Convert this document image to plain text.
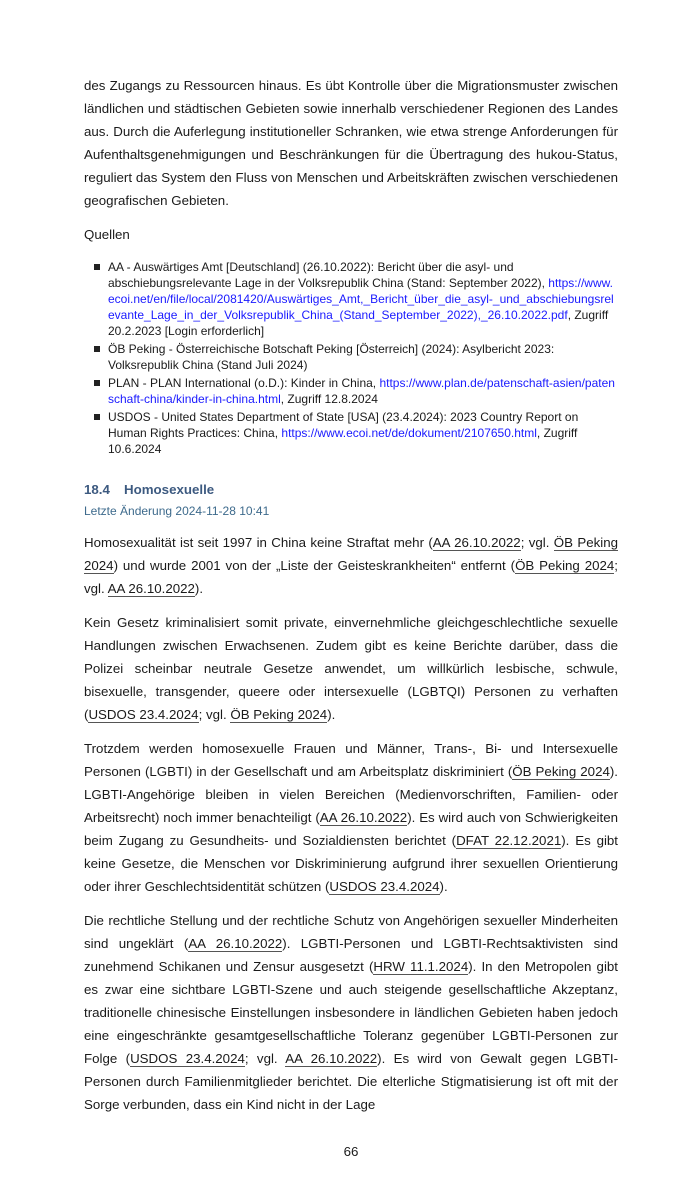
des Zugangs zu Ressourcen hinaus. Es übt Kontrolle über die Migrationsmuster zwischen ländlichen und städtischen Gebieten sowie innerhalb verschiedener Regionen des Landes aus. Durch die Auferlegung institutioneller Schranken, wie etwa strenge Anforderungen für Aufenthaltsgenehmigungen und Beschränkungen für die Übertragung des hukou-Status, reguliert das System den Fluss von Menschen und Arbeitskräften zwischen verschiedenen geografischen Gebieten.

Quellen
AA - Auswärtiges Amt [Deutschland] (26.10.2022): Bericht über die asyl- und abschiebungsrelevante Lage in der Volksrepublik China (Stand: September 2022), https://www.ecoi.net/en/file/local/2081420/Auswärtiges_Amt,_Bericht_über_die_asyl-_und_abschiebungsrelevante_Lage_in_der_Volksrepublik_China_(Stand_September_2022),_26.10.2022.pdf, Zugriff 20.2.2023 [Login erforderlich]
ÖB Peking - Österreichische Botschaft Peking [Österreich] (2024): Asylbericht 2023: Volksrepublik China (Stand Juli 2024)
PLAN - PLAN International (o.D.): Kinder in China, https://www.plan.de/patenschaft-asien/patenschaft-china/kinder-in-china.html, Zugriff 12.8.2024
USDOS - United States Department of State [USA] (23.4.2024): 2023 Country Report on Human Rights Practices: China, https://www.ecoi.net/de/dokument/2107650.html, Zugriff 10.6.2024
18.4 Homosexuelle
Letzte Änderung 2024-11-28 10:41

Homosexualität ist seit 1997 in China keine Straftat mehr (AA 26.10.2022; vgl. ÖB Peking 2024) und wurde 2001 von der „Liste der Geisteskrankheiten“ entfernt (ÖB Peking 2024; vgl. AA 26.10.2022).

Kein Gesetz kriminalisiert somit private, einvernehmliche gleichgeschlechtliche sexuelle Handlungen zwischen Erwachsenen. Zudem gibt es keine Berichte darüber, dass die Polizei scheinbar neutrale Gesetze anwendet, um willkürlich lesbische, schwule, bisexuelle, transgender, queere oder intersexuelle (LGBTQI) Personen zu verhaften (USDOS 23.4.2024; vgl. ÖB Peking 2024).

Trotzdem werden homosexuelle Frauen und Männer, Trans-, Bi- und Intersexuelle Personen (LGBTI) in der Gesellschaft und am Arbeitsplatz diskriminiert (ÖB Peking 2024). LGBTI-Angehörige bleiben in vielen Bereichen (Medienvorschriften, Familien- oder Arbeitsrecht) noch immer benachteiligt (AA 26.10.2022). Es wird auch von Schwierigkeiten beim Zugang zu Gesundheits- und Sozialdiensten berichtet (DFAT 22.12.2021). Es gibt keine Gesetze, die Menschen vor Diskriminierung aufgrund ihrer sexuellen Orientierung oder ihrer Geschlechtsidentität schützen (USDOS 23.4.2024).

Die rechtliche Stellung und der rechtliche Schutz von Angehörigen sexueller Minderheiten sind ungeklärt (AA 26.10.2022). LGBTI-Personen und LGBTI-Rechtsaktivisten sind zunehmend Schikanen und Zensur ausgesetzt (HRW 11.1.2024). In den Metropolen gibt es zwar eine sichtbare LGBTI-Szene und auch steigende gesellschaftliche Akzeptanz, traditionelle chinesische Einstellungen insbesondere in ländlichen Gebieten haben jedoch eine eingeschränkte gesamtgesellschaftliche Toleranz gegenüber LGBTI-Personen zur Folge (USDOS 23.4.2024; vgl. AA 26.10.2022). Es wird von Gewalt gegen LGBTI-Personen durch Familienmitglieder berichtet. Die elterliche Stigmatisierung ist oft mit der Sorge verbunden, dass ein Kind nicht in der Lage

66
